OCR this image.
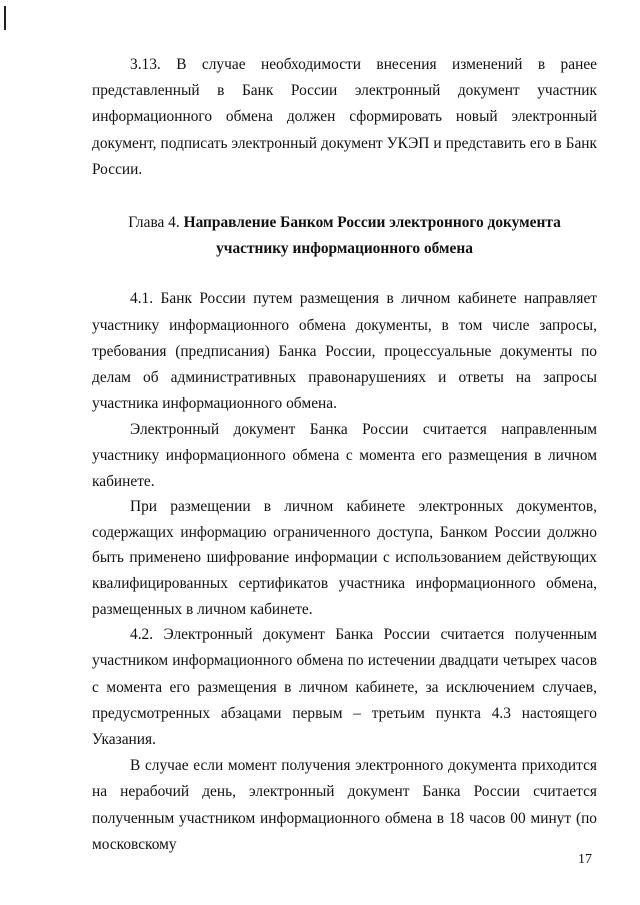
3.13. В случае необходимости внесения изменений в ранее представленный в Банк России электронный документ участник информационного обмена должен сформировать новый электронный документ, подписать электронный документ УКЭП и представить его в Банк России.

Глава 4. Направление Банком России электронного документа участнику информационного обмена

4.1. Банк России путем размещения в личном кабинете направляет участнику информационного обмена документы, в том числе запросы, требования (предписания) Банка России, процессуальные документы по делам об административных правонарушениях и ответы на запросы участника информационного обмена.

Электронный документ Банка России считается направленным участнику информационного обмена с момента его размещения в личном кабинете.

При размещении в личном кабинете электронных документов, содержащих информацию ограниченного доступа, Банком России должно быть применено шифрование информации с использованием действующих квалифицированных сертификатов участника информационного обмена, размещенных в личном кабинете.

4.2. Электронный документ Банка России считается полученным участником информационного обмена по истечении двадцати четырех часов с момента его размещения в личном кабинете, за исключением случаев, предусмотренных абзацами первым – третьим пункта 4.3 настоящего Указания.

В случае если момент получения электронного документа приходится на нерабочий день, электронный документ Банка России считается полученным участником информационного обмена в 18 часов 00 минут (по московскому

17
